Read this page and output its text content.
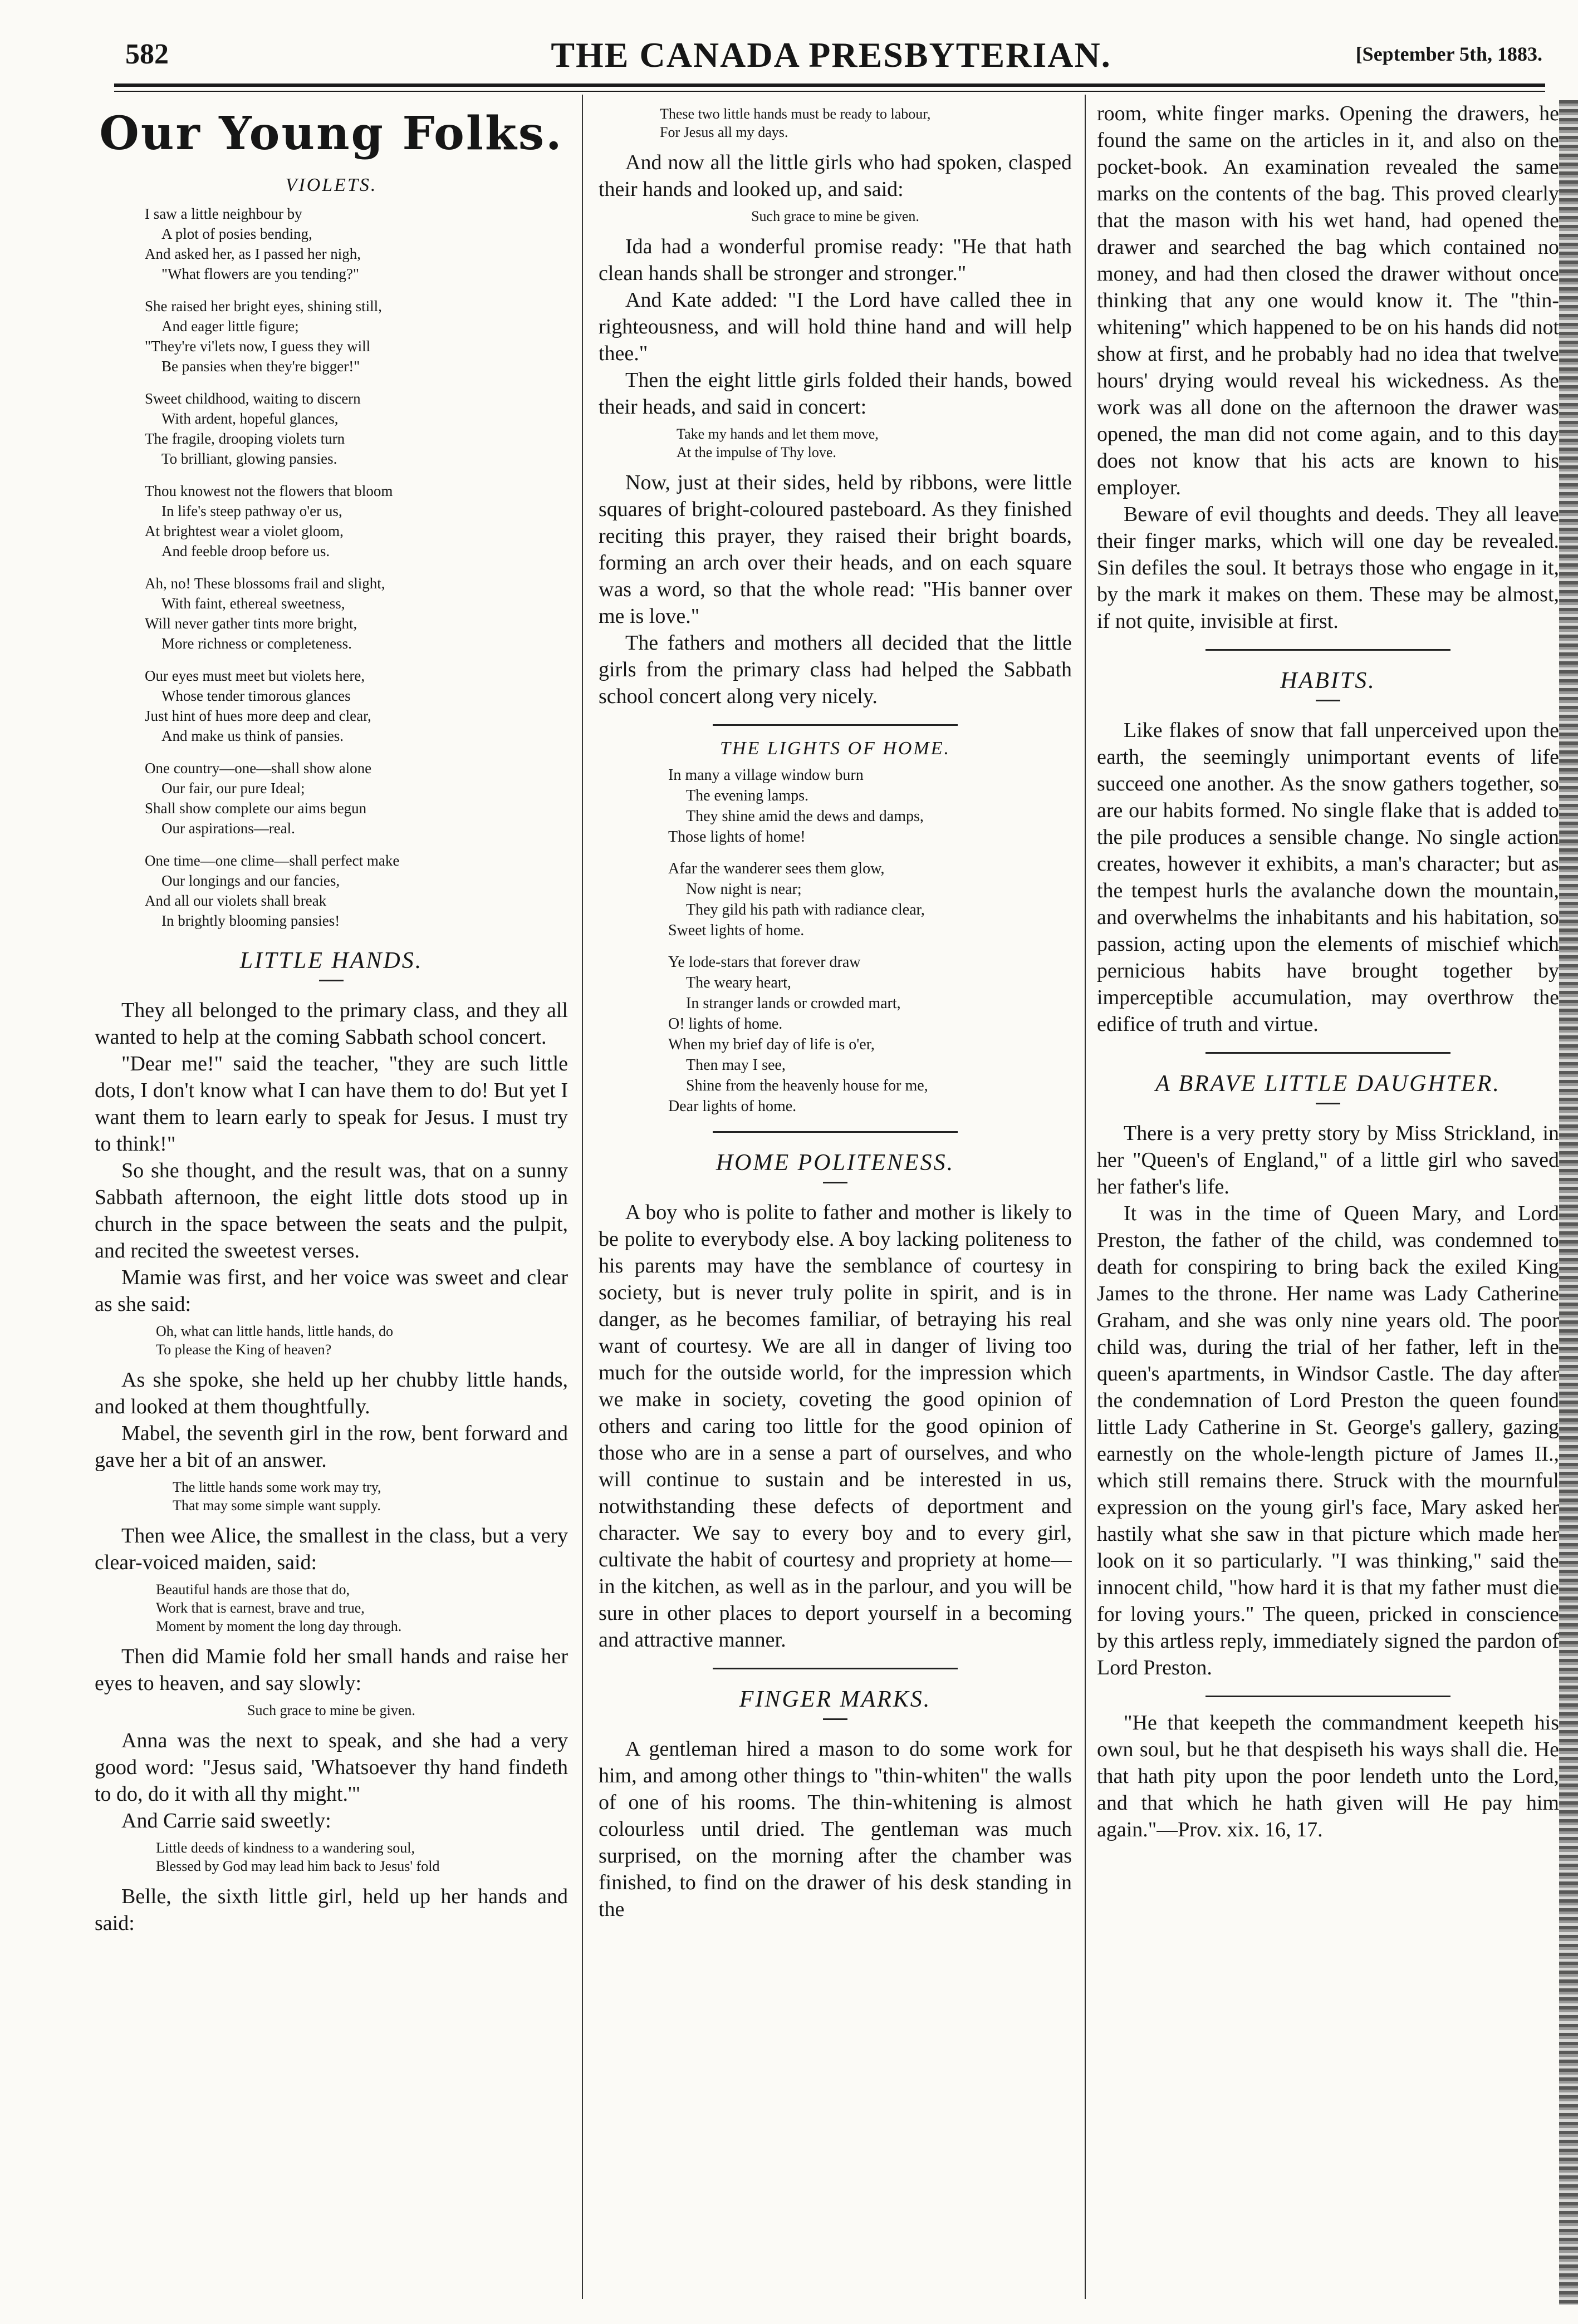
582	THE CANADA PRESBYTERIAN.	[September 5th, 1883.
Our Young Folks.
VIOLETS.
I saw a little neighbour by
A plot of posies bending,
And asked her, as I passed her nigh,
"What flowers are you tending?"
She raised her bright eyes, shining still,
And eager little figure;
"They're vi'lets now, I guess they will
Be pansies when they're bigger!"
Sweet childhood, waiting to discern
With ardent, hopeful glances,
The fragile, drooping violets turn
To brilliant, glowing pansies.
Thou knowest not the flowers that bloom
In life's steep pathway o'er us,
At brightest wear a violet gloom,
And feeble droop before us.
Ah, no! These blossoms frail and slight,
With faint, ethereal sweetness,
Will never gather tints more bright,
More richness or completeness.
Our eyes must meet but violets here,
Whose tender timorous glances
Just hint of hues more deep and clear,
And make us think of pansies.
One country—one—shall show alone
Our fair, our pure Ideal;
Shall show complete our aims begun
Our aspirations—real.
One time—one clime—shall perfect make
Our longings and our fancies,
And all our violets shall break
In brightly blooming pansies!
LITTLE HANDS.

They all belonged to the primary class, and they all wanted to help at the coming Sabbath school concert.

"Dear me!" said the teacher, "they are such little dots, I don't know what I can have them to do! But yet I want them to learn early to speak for Jesus. I must try to think!"

So she thought, and the result was, that on a sunny Sabbath afternoon, the eight little dots stood up in church in the space between the seats and the pulpit, and recited the sweetest verses.

Mamie was first, and her voice was sweet and clear as she said:

Oh, what can little hands, little hands, do
To please the King of heaven?

As she spoke, she held up her chubby little hands, and looked at them thoughtfully.

Mabel, the seventh girl in the row, bent forward and gave her a bit of an answer.

The little hands some work may try,
That may some simple want supply.

Then wee Alice, the smallest in the class, but a very clear-voiced maiden, said:

Beautiful hands are those that do,
Work that is earnest, brave and true,
Moment by moment the long day through.

Then did Mamie fold her small hands and raise her eyes to heaven, and say slowly:

Such grace to mine be given.

Anna was the next to speak, and she had a very good word: "Jesus said, 'Whatsoever thy hand findeth to do, do it with all thy might.'"

And Carrie said sweetly:

Little deeds of kindness to a wandering soul,
Blessed by God may lead him back to Jesus' fold

Belle, the sixth little girl, held up her hands and said:

These two little hands must be ready to labour,
For Jesus all my days.

And now all the little girls who had spoken, clasped their hands and looked up, and said:

Such grace to mine be given.

Ida had a wonderful promise ready: "He that hath clean hands shall be stronger and stronger."

And Kate added: "I the Lord have called thee in righteousness, and will hold thine hand and will help thee."

Then the eight little girls folded their hands, bowed their heads, and said in concert:

Take my hands and let them move,
At the impulse of Thy love.

Now, just at their sides, held by ribbons, were little squares of bright-coloured pasteboard. As they finished reciting this prayer, they raised their bright boards, forming an arch over their heads, and on each square was a word, so that the whole read: "His banner over me is love."

The fathers and mothers all decided that the little girls from the primary class had helped the Sabbath school concert along very nicely.

THE LIGHTS OF HOME.
In many a village window burn
The evening lamps.
They shine amid the dews and damps,
Those lights of home!
Afar the wanderer sees them glow,
Now night is near;
They gild his path with radiance clear,
Sweet lights of home.
Ye lode-stars that forever draw
The weary heart,
In stranger lands or crowded mart,
O! lights of home.
When my brief day of life is o'er,
Then may I see,
Shine from the heavenly house for me,
Dear lights of home.
HOME POLITENESS.

A boy who is polite to father and mother is likely to be polite to everybody else. A boy lacking politeness to his parents may have the semblance of courtesy in society, but is never truly polite in spirit, and is in danger, as he becomes familiar, of betraying his real want of courtesy. We are all in danger of living too much for the outside world, for the impression which we make in society, coveting the good opinion of others and caring too little for the good opinion of those who are in a sense a part of ourselves, and who will continue to sustain and be interested in us, notwithstanding these defects of deportment and character. We say to every boy and to every girl, cultivate the habit of courtesy and propriety at home—in the kitchen, as well as in the parlour, and you will be sure in other places to deport yourself in a becoming and attractive manner.

FINGER MARKS.

A gentleman hired a mason to do some work for him, and among other things to "thin-whiten" the walls of one of his rooms. The thin-whitening is almost colourless until dried. The gentleman was much surprised, on the morning after the chamber was finished, to find on the drawer of his desk standing in the

room, white finger marks. Opening the drawers, he found the same on the articles in it, and also on the pocket-book. An examination revealed the same marks on the contents of the bag. This proved clearly that the mason with his wet hand, had opened the drawer and searched the bag which contained no money, and had then closed the drawer without once thinking that any one would know it. The "thin-whitening" which happened to be on his hands did not show at first, and he probably had no idea that twelve hours' drying would reveal his wickedness. As the work was all done on the afternoon the drawer was opened, the man did not come again, and to this day does not know that his acts are known to his employer.

Beware of evil thoughts and deeds. They all leave their finger marks, which will one day be revealed. Sin defiles the soul. It betrays those who engage in it, by the mark it makes on them. These may be almost, if not quite, invisible at first.

HABITS.

Like flakes of snow that fall unperceived upon the earth, the seemingly unimportant events of life succeed one another. As the snow gathers together, so are our habits formed. No single flake that is added to the pile produces a sensible change. No single action creates, however it exhibits, a man's character; but as the tempest hurls the avalanche down the mountain, and overwhelms the inhabitants and his habitation, so passion, acting upon the elements of mischief which pernicious habits have brought together by imperceptible accumulation, may overthrow the edifice of truth and virtue.

A BRAVE LITTLE DAUGHTER.

There is a very pretty story by Miss Strickland, in her "Queen's of England," of a little girl who saved her father's life.

It was in the time of Queen Mary, and Lord Preston, the father of the child, was condemned to death for conspiring to bring back the exiled King James to the throne. Her name was Lady Catherine Graham, and she was only nine years old. The poor child was, during the trial of her father, left in the queen's apartments, in Windsor Castle. The day after the condemnation of Lord Preston the queen found little Lady Catherine in St. George's gallery, gazing earnestly on the whole-length picture of James II., which still remains there. Struck with the mournful expression on the young girl's face, Mary asked her hastily what she saw in that picture which made her look on it so particularly. "I was thinking," said the innocent child, "how hard it is that my father must die for loving yours." The queen, pricked in conscience by this artless reply, immediately signed the pardon of Lord Preston.

"He that keepeth the commandment keepeth his own soul, but he that despiseth his ways shall die. He that hath pity upon the poor lendeth unto the Lord, and that which he hath given will He pay him again."—Prov. xix. 16, 17.
